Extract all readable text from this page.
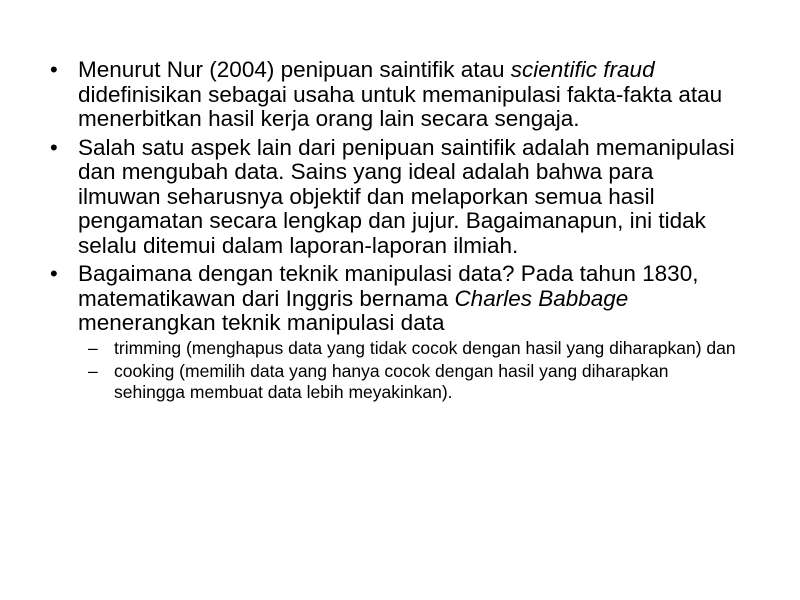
• Menurut Nur (2004) penipuan saintifik atau scientific fraud didefinisikan sebagai usaha untuk memanipulasi fakta-fakta atau menerbitkan hasil kerja orang lain secara sengaja.
• Salah satu aspek lain dari penipuan saintifik adalah memanipulasi dan mengubah data. Sains yang ideal adalah bahwa para ilmuwan seharusnya objektif dan melaporkan semua hasil pengamatan secara lengkap dan jujur. Bagaimanapun, ini tidak selalu ditemui dalam laporan-laporan ilmiah.
• Bagaimana dengan teknik manipulasi data? Pada tahun 1830, matematikawan dari Inggris bernama Charles Babbage menerangkan teknik manipulasi data
– trimming (menghapus data yang tidak cocok dengan hasil yang diharapkan) dan
– cooking (memilih data yang hanya cocok dengan hasil yang diharapkan sehingga membuat data lebih meyakinkan).
